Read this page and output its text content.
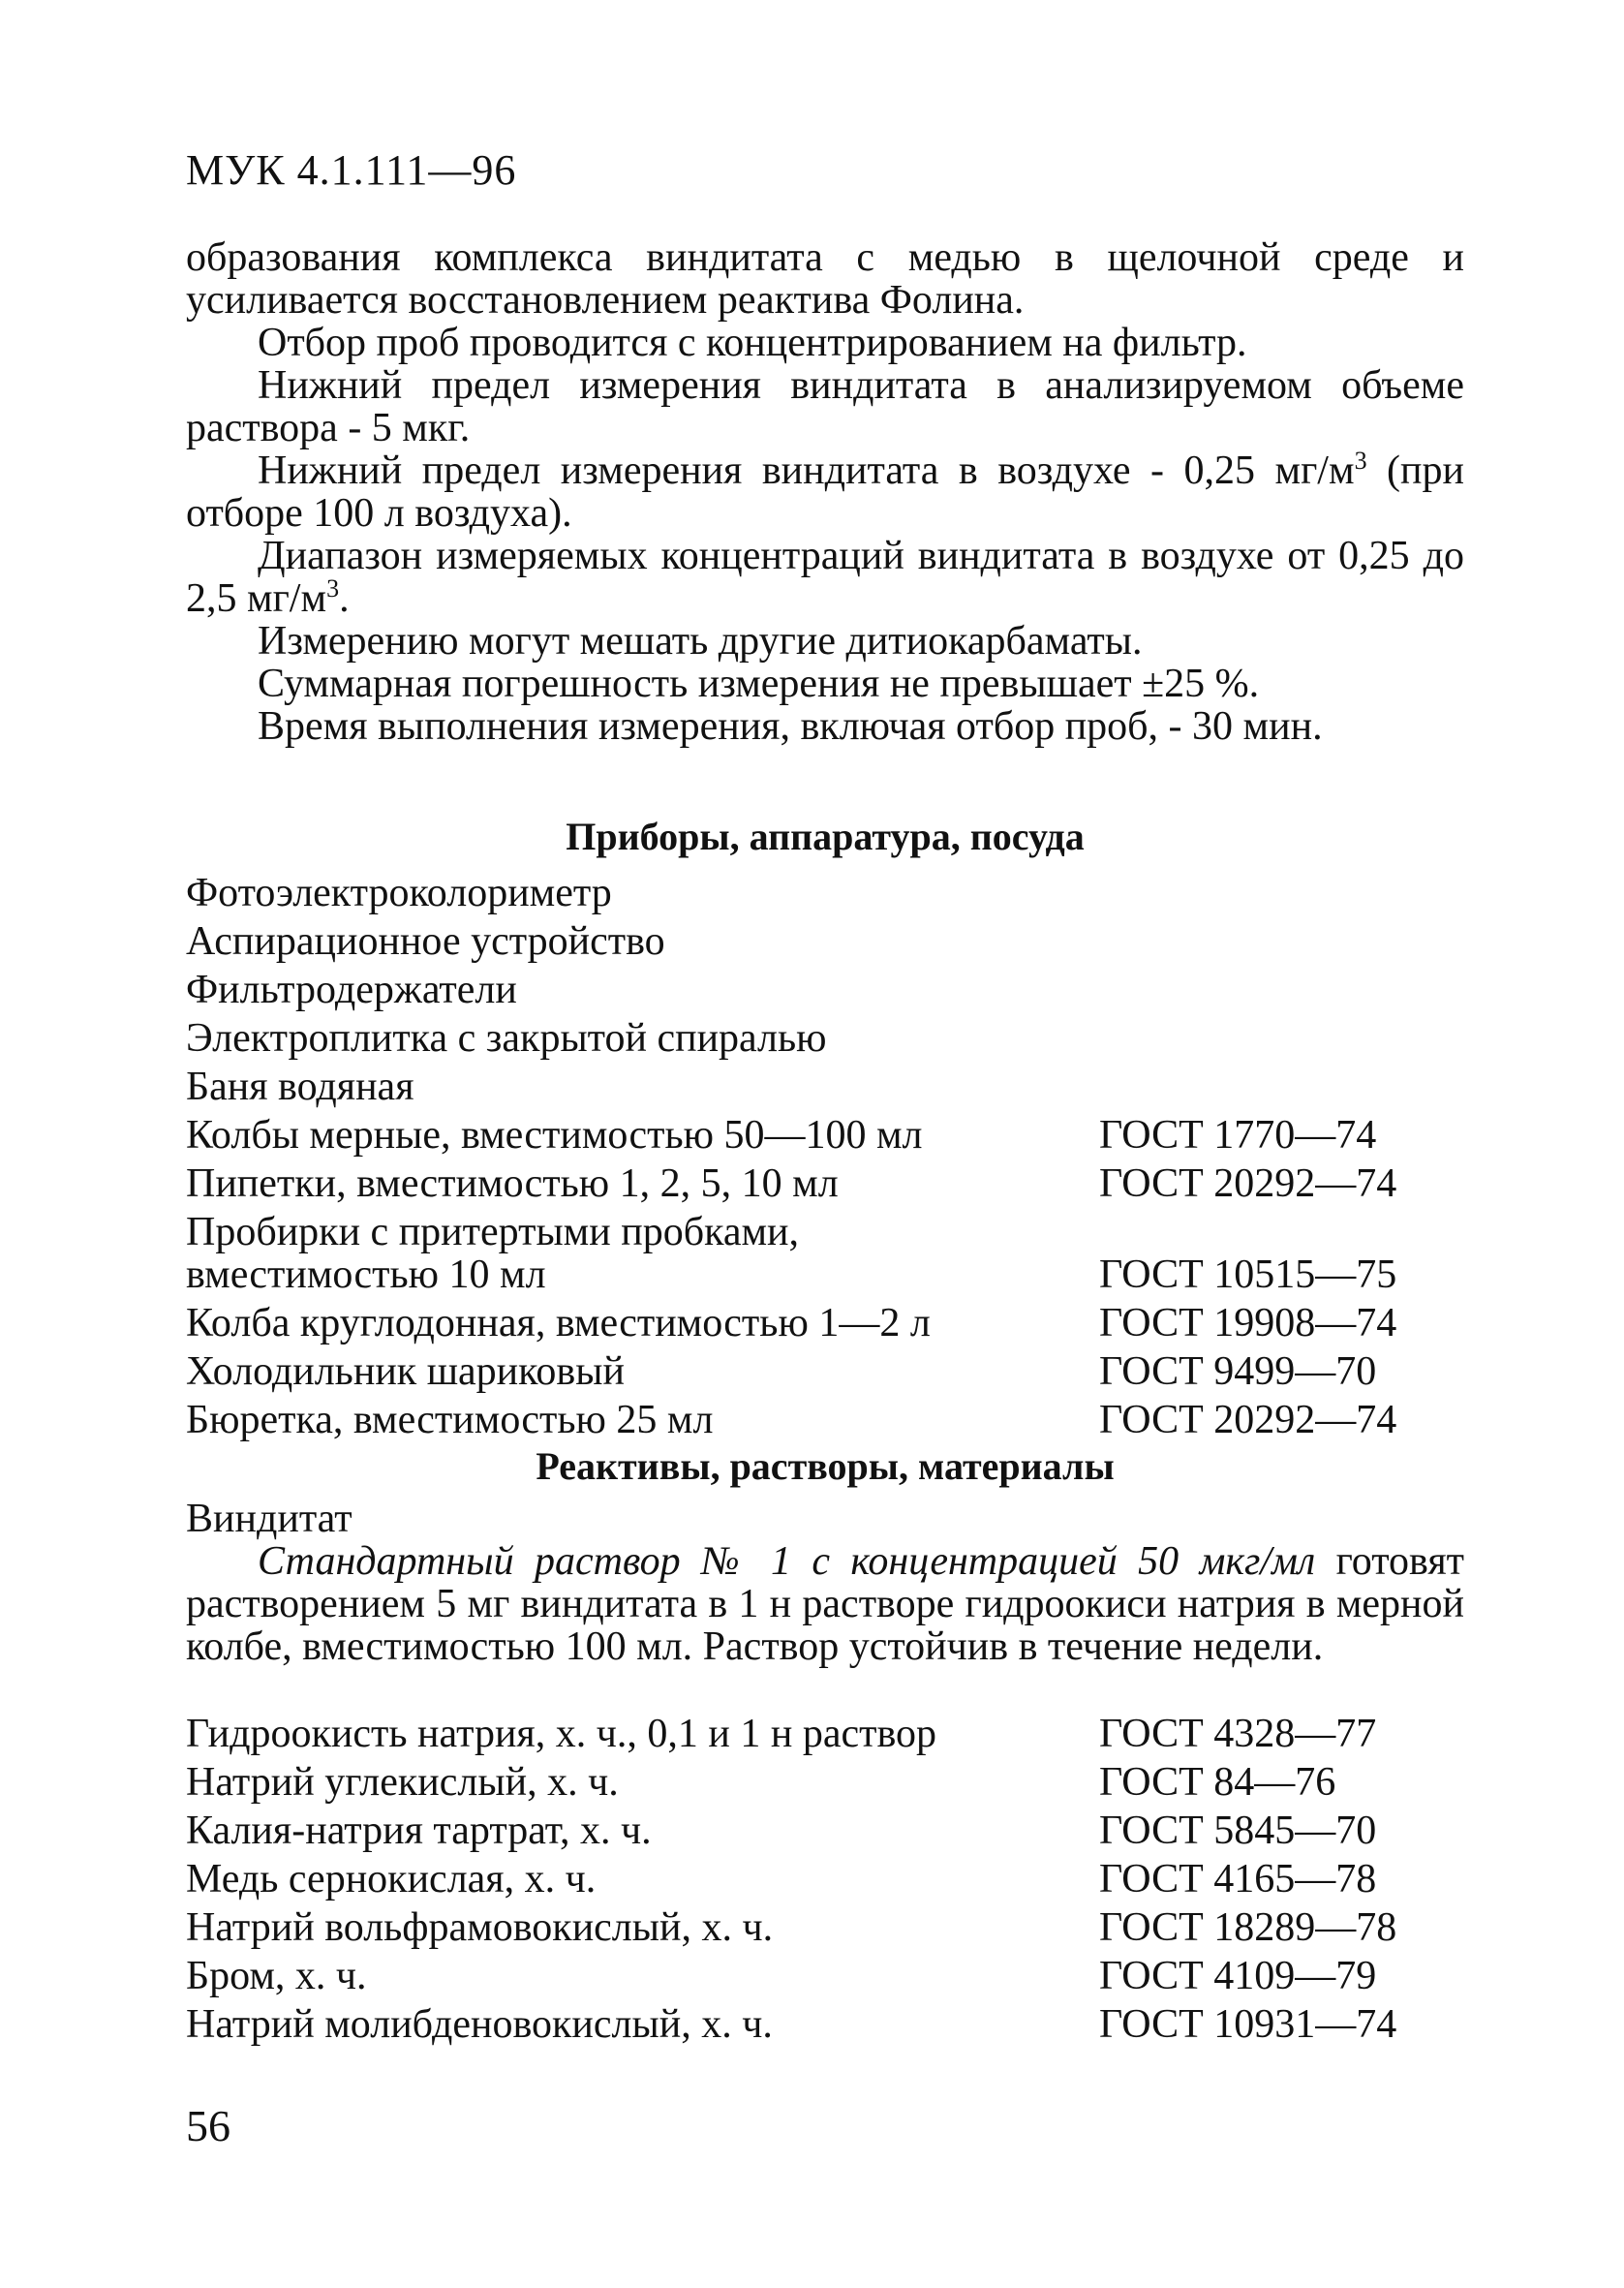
МУК 4.1.111—96
образования комплекса виндитата с медью в щелочной среде и усиливается восстановлением реактива Фолина.
Отбор проб проводится с концентрированием на фильтр.
Нижний предел измерения виндитата в анализируемом объеме раствора - 5 мкг.
Нижний предел измерения виндитата в воздухе - 0,25 $мг/м^3$ (при отборе 100 л воздуха).
Диапазон измеряемых концентраций виндитата в воздухе от 0,25 до 2,5 $мг/м^3$.
Измерению могут мешать другие дитиокарбаматы.
Суммарная погрешность измерения не превышает ±25 %.
Время выполнения измерения, включая отбор проб, - 30 мин.
Приборы, аппаратура, посуда
Фотоэлектроколориметр
Аспирационное устройство
Фильтродержатели
Электроплитка с закрытой спиралью
Баня водяная
Колбы мерные, вместимостью 50—100 мл	ГОСТ 1770—74
Пипетки, вместимостью 1, 2, 5, 10 мл	ГОСТ 20292—74
Пробирки с притертыми пробками, вместимостью 10 мл	ГОСТ 10515—75
Колба круглодонная, вместимостью 1—2 л	ГОСТ 19908—74
Холодильник шариковый	ГОСТ 9499—70
Бюретка, вместимостью 25 мл	ГОСТ 20292—74
Реактивы, растворы, материалы
Виндитат
Стандартный раствор № 1 с концентрацией 50 мкг/мл готовят растворением 5 мг виндитата в 1 н растворе гидроокиси натрия в мерной колбе, вместимостью 100 мл. Раствор устойчив в течение недели.
Гидроокисть натрия, х. ч., 0,1 и 1 н раствор	ГОСТ 4328—77
Натрий углекислый, х. ч.	ГОСТ 84—76
Калия-натрия тартрат, х. ч.	ГОСТ 5845—70
Медь сернокислая, х. ч.	ГОСТ 4165—78
Натрий вольфрамовокислый, х. ч.	ГОСТ 18289—78
Бром, х. ч.	ГОСТ 4109—79
Натрий молибденовокислый, х. ч.	ГОСТ 10931—74
56
